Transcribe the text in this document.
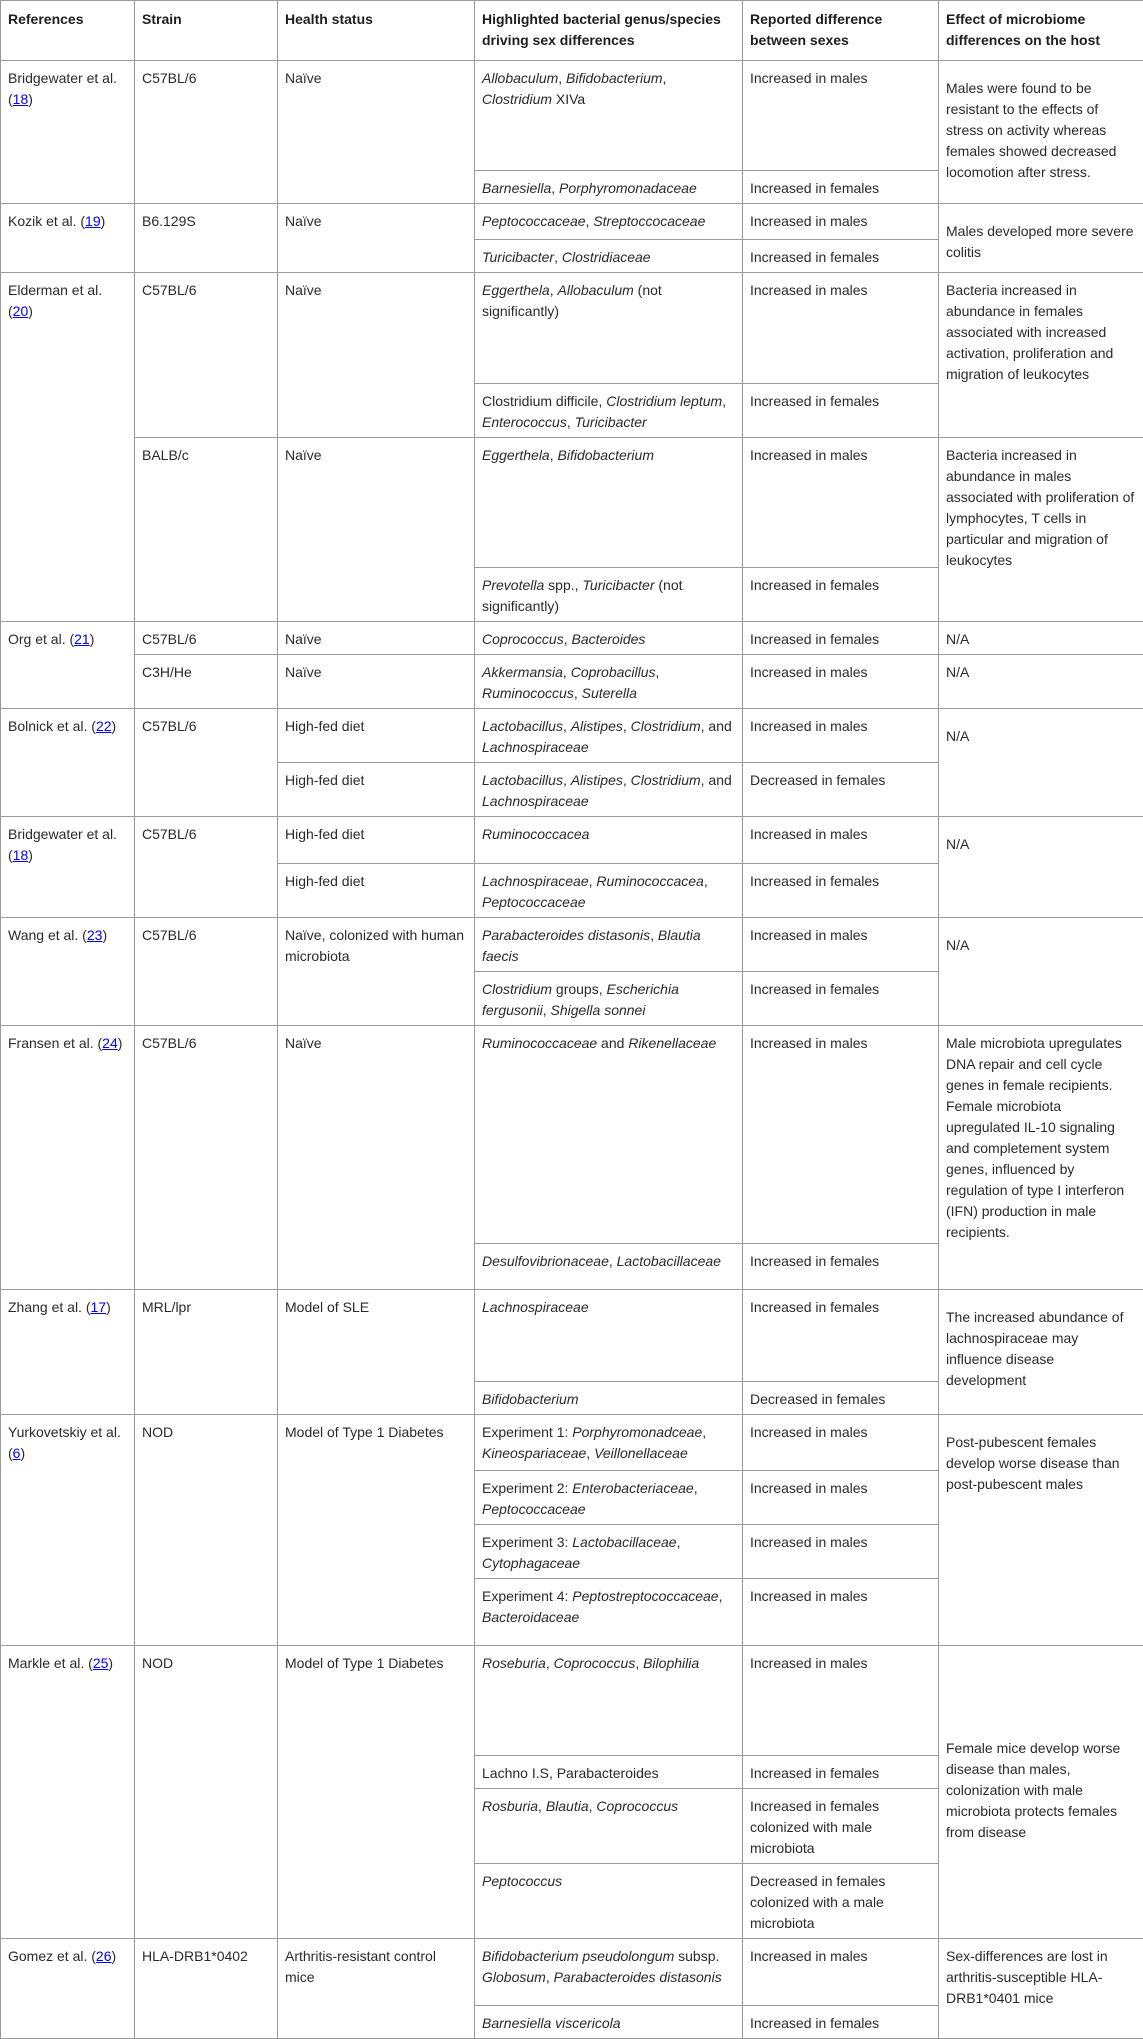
References	Strain	Health status	Highlighted bacterial genus/species driving sex differences	Reported difference between sexes	Effect of microbiome differences on the host
Bridgewater et al. (18)	C57BL/6	Naïve	Allobaculum, Bifidobacterium, Clostridium XIVa	Increased in males	Males were found to be resistant to the effects of stress on activity whereas females showed decreased locomotion after stress.
			Barnesiella, Porphyromonadaceae	Increased in females	
Kozik et al. (19)	B6.129S	Naïve	Peptococcaceae, Streptoccocaceae	Increased in males	Males developed more severe colitis
			Turicibacter, Clostridiaceae	Increased in females	
Elderman et al. (20)	C57BL/6	Naïve	Eggerthela, Allobaculum (not significantly)	Increased in males	Bacteria increased in abundance in females associated with increased activation, proliferation and migration of leukocytes
			Clostridium difficile, Clostridium leptum, Enterococcus, Turicibacter	Increased in females	
	BALB/c	Naïve	Eggerthela, Bifidobacterium	Increased in males	Bacteria increased in abundance in males associated with proliferation of lymphocytes, T cells in particular and migration of leukocytes
			Prevotella spp., Turicibacter (not significantly)	Increased in females	
Org et al. (21)	C57BL/6	Naïve	Coprococcus, Bacteroides	Increased in females	N/A
	C3H/He	Naïve	Akkermansia, Coprobacillus, Ruminococcus, Suterella	Increased in males	N/A
Bolnick et al. (22)	C57BL/6	High-fed diet	Lactobacillus, Alistipes, Clostridium, and Lachnospiraceae	Increased in males	N/A
		High-fed diet	Lactobacillus, Alistipes, Clostridium, and Lachnospiraceae	Decreased in females	
Bridgewater et al. (18)	C57BL/6	High-fed diet	Ruminococcacea	Increased in males	N/A
		High-fed diet	Lachnospiraceae, Ruminococcacea, Peptococcaceae	Increased in females	
Wang et al. (23)	C57BL/6	Naïve, colonized with human microbiota	Parabacteroides distasonis, Blautia faecis	Increased in males	N/A
			Clostridium groups, Escherichia fergusonii, Shigella sonnei	Increased in females	
Fransen et al. (24)	C57BL/6	Naïve	Ruminococcaceae and Rikenellaceae	Increased in males	Male microbiota upregulates DNA repair and cell cycle genes in female recipients. Female microbiota upregulated IL-10 signaling and completement system genes, influenced by regulation of type I interferon (IFN) production in male recipients.
			Desulfovibrionaceae, Lactobacillaceae	Increased in females	
Zhang et al. (17)	MRL/lpr	Model of SLE	Lachnospiraceae	Increased in females	The increased abundance of lachnospiraceae may influence disease development
			Bifidobacterium	Decreased in females	
Yurkovetskiy et al. (6)	NOD	Model of Type 1 Diabetes	Experiment 1: Porphyromonadceae, Kineospariaceae, Veillonellaceae	Increased in males	Post-pubescent females develop worse disease than post-pubescent males
			Experiment 2: Enterobacteriaceae, Peptococcaceae	Increased in males	
			Experiment 3: Lactobacillaceae, Cytophagaceae	Increased in males	
			Experiment 4: Peptostreptococcaceae, Bacteroidaceae	Increased in males	
Markle et al. (25)	NOD	Model of Type 1 Diabetes	Roseburia, Coprococcus, Bilophilia	Increased in males	Female mice develop worse disease than males, colonization with male microbiota protects females from disease
			Lachno I.S, Parabacteroides	Increased in females	
			Rosburia, Blautia, Coprococcus	Increased in females colonized with male microbiota	
			Peptococcus	Decreased in females colonized with a male microbiota	
Gomez et al. (26)	HLA-DRB1*0402	Arthritis-resistant control mice	Bifidobacterium pseudolongum subsp. Globosum, Parabacteroides distasonis	Increased in males	Sex-differences are lost in arthritis-susceptible HLA-DRB1*0401 mice
			Barnesiella viscericola	Increased in females	
